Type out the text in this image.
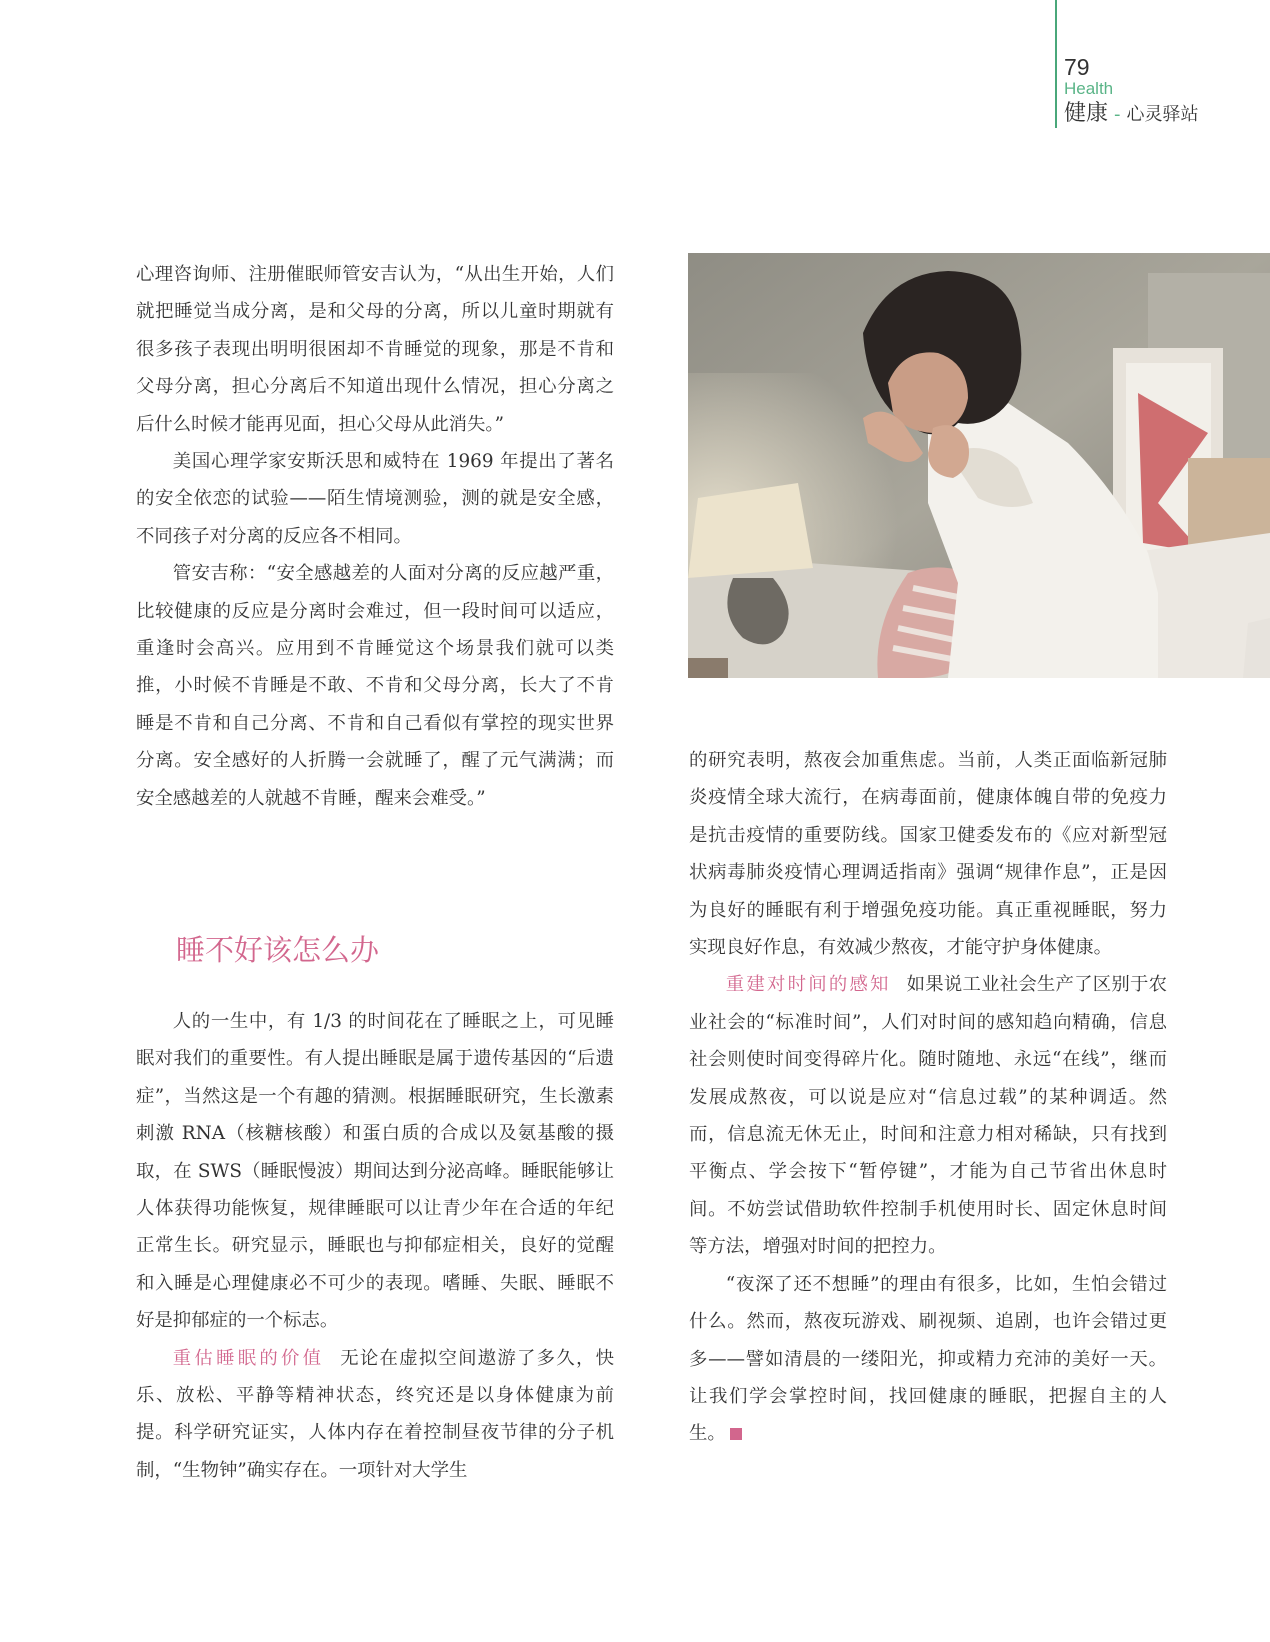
79

Health

健康 - 心灵驿站

心理咨询师、注册催眠师管安吉认为，“从出生开始，人们就把睡觉当成分离，是和父母的分离，所以儿童时期就有很多孩子表现出明明很困却不肯睡觉的现象，那是不肯和父母分离，担心分离后不知道出现什么情况，担心分离之后什么时候才能再见面，担心父母从此消失。”

美国心理学家安斯沃思和威特在 1969 年提出了著名的安全依恋的试验——陌生情境测验，测的就是安全感，不同孩子对分离的反应各不相同。

管安吉称：“安全感越差的人面对分离的反应越严重，比较健康的反应是分离时会难过，但一段时间可以适应，重逢时会高兴。应用到不肯睡觉这个场景我们就可以类推，小时候不肯睡是不敢、不肯和父母分离，长大了不肯睡是不肯和自己分离、不肯和自己看似有掌控的现实世界分离。安全感好的人折腾一会就睡了，醒了元气满满；而安全感越差的人就越不肯睡，醒来会难受。”

睡不好该怎么办

人的一生中，有 1/3 的时间花在了睡眠之上，可见睡眠对我们的重要性。有人提出睡眠是属于遗传基因的“后遗症”，当然这是一个有趣的猜测。根据睡眠研究，生长激素刺激 RNA（核糖核酸）和蛋白质的合成以及氨基酸的摄取，在 SWS（睡眠慢波）期间达到分泌高峰。睡眠能够让人体获得功能恢复，规律睡眠可以让青少年在合适的年纪正常生长。研究显示，睡眠也与抑郁症相关，良好的觉醒和入睡是心理健康必不可少的表现。嗜睡、失眠、睡眠不好是抑郁症的一个标志。

重估睡眠的价值 无论在虚拟空间遨游了多久，快乐、放松、平静等精神状态，终究还是以身体健康为前提。科学研究证实，人体内存在着控制昼夜节律的分子机制，“生物钟”确实存在。一项针对大学生

的研究表明，熬夜会加重焦虑。当前，人类正面临新冠肺炎疫情全球大流行，在病毒面前，健康体魄自带的免疫力是抗击疫情的重要防线。国家卫健委发布的《应对新型冠状病毒肺炎疫情心理调适指南》强调“规律作息”，正是因为良好的睡眠有利于增强免疫功能。真正重视睡眠，努力实现良好作息，有效减少熬夜，才能守护身体健康。

重建对时间的感知 如果说工业社会生产了区别于农业社会的“标准时间”，人们对时间的感知趋向精确，信息社会则使时间变得碎片化。随时随地、永远“在线”，继而发展成熬夜，可以说是应对“信息过载”的某种调适。然而，信息流无休无止，时间和注意力相对稀缺，只有找到平衡点、学会按下“暂停键”，才能为自己节省出休息时间。不妨尝试借助软件控制手机使用时长、固定休息时间等方法，增强对时间的把控力。

“夜深了还不想睡”的理由有很多，比如，生怕会错过什么。然而，熬夜玩游戏、刷视频、追剧，也许会错过更多——譬如清晨的一缕阳光，抑或精力充沛的美好一天。让我们学会掌控时间，找回健康的睡眠，把握自主的人生。	S
